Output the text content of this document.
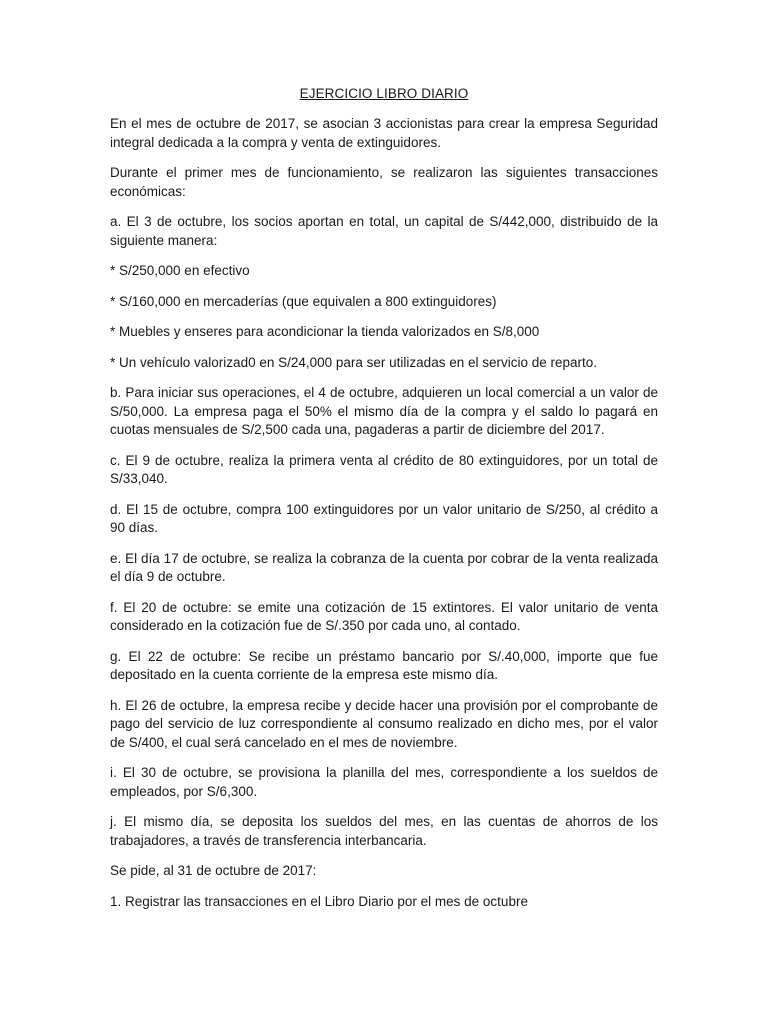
EJERCICIO LIBRO DIARIO

En el mes de octubre de 2017, se asocian 3 accionistas para crear la empresa Seguridad integral dedicada a la compra y venta de extinguidores.

Durante el primer mes de funcionamiento, se realizaron las siguientes transacciones económicas:

a. El 3 de octubre, los socios aportan en total, un capital de S/442,000, distribuido de la siguiente manera:

* S/250,000 en efectivo

* S/160,000 en mercaderías (que equivalen a 800 extinguidores)

* Muebles y enseres para acondicionar la tienda valorizados en S/8,000

* Un vehículo valorizad0 en S/24,000 para ser utilizadas en el servicio de reparto.

b. Para iniciar sus operaciones, el 4 de octubre, adquieren un local comercial a un valor de S/50,000. La empresa paga el 50% el mismo día de la compra y el saldo lo pagará en cuotas mensuales de S/2,500 cada una, pagaderas a partir de diciembre del 2017.

c. El 9 de octubre, realiza la primera venta al crédito de 80 extinguidores, por un total de S/33,040.

d. El 15 de octubre, compra 100 extinguidores por un valor unitario de S/250, al crédito a 90 días.

e. El día 17 de octubre, se realiza la cobranza de la cuenta por cobrar de la venta realizada el día 9 de octubre.

f. El 20 de octubre: se emite una cotización de 15 extintores. El valor unitario de venta considerado en la cotización fue de S/.350 por cada uno, al contado.

g. El 22 de octubre: Se recibe un préstamo bancario por S/.40,000, importe que fue depositado en la cuenta corriente de la empresa este mismo día.

h. El 26 de octubre, la empresa recibe y decide hacer una provisión por el comprobante de pago del servicio de luz correspondiente al consumo realizado en dicho mes, por el valor de S/400, el cual será cancelado en el mes de noviembre.

i. El 30 de octubre, se provisiona la planilla del mes, correspondiente a los sueldos de empleados, por S/6,300.

j. El mismo día, se deposita los sueldos del mes, en las cuentas de ahorros de los trabajadores, a través de transferencia interbancaria.

Se pide, al 31 de octubre de 2017:

1. Registrar las transacciones en el Libro Diario por el mes de octubre
